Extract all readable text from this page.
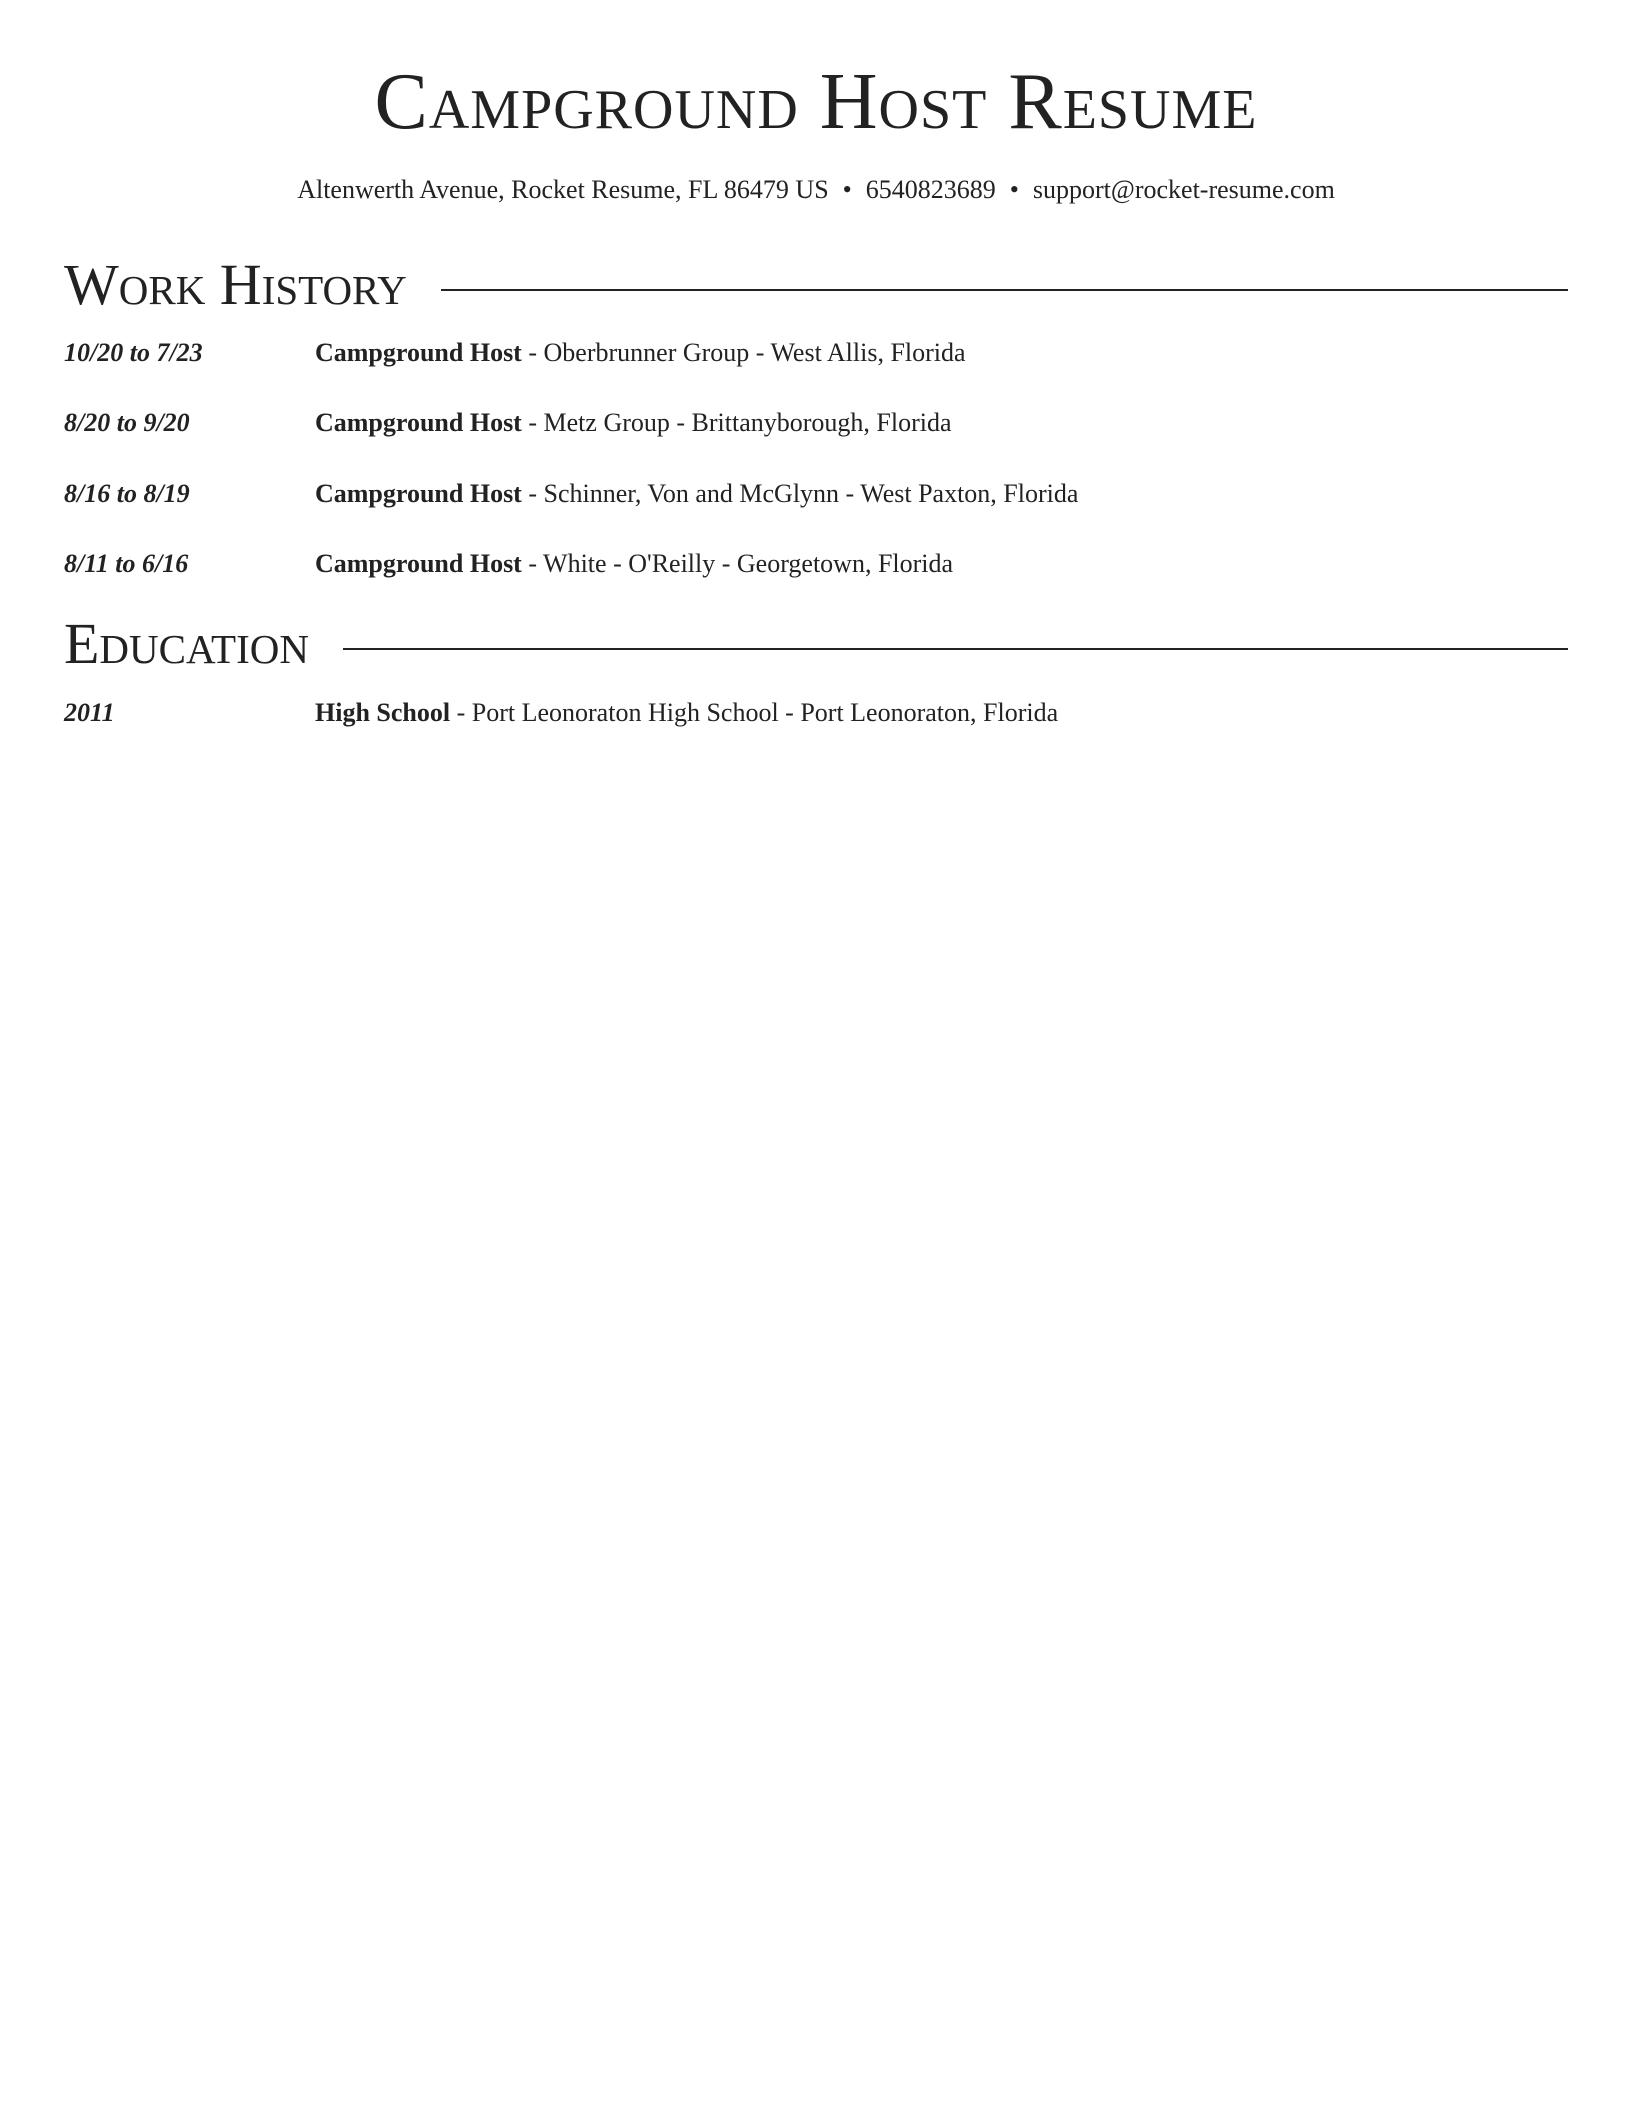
Campground Host Resume
Altenwerth Avenue, Rocket Resume, FL 86479 US • 6540823689 • support@rocket-resume.com
Work History
10/20 to 7/23	Campground Host - Oberbrunner Group - West Allis, Florida
8/20 to 9/20	Campground Host - Metz Group - Brittanyborough, Florida
8/16 to 8/19	Campground Host - Schinner, Von and McGlynn - West Paxton, Florida
8/11 to 6/16	Campground Host - White - O'Reilly - Georgetown, Florida
Education
2011	High School - Port Leonoraton High School - Port Leonoraton, Florida
